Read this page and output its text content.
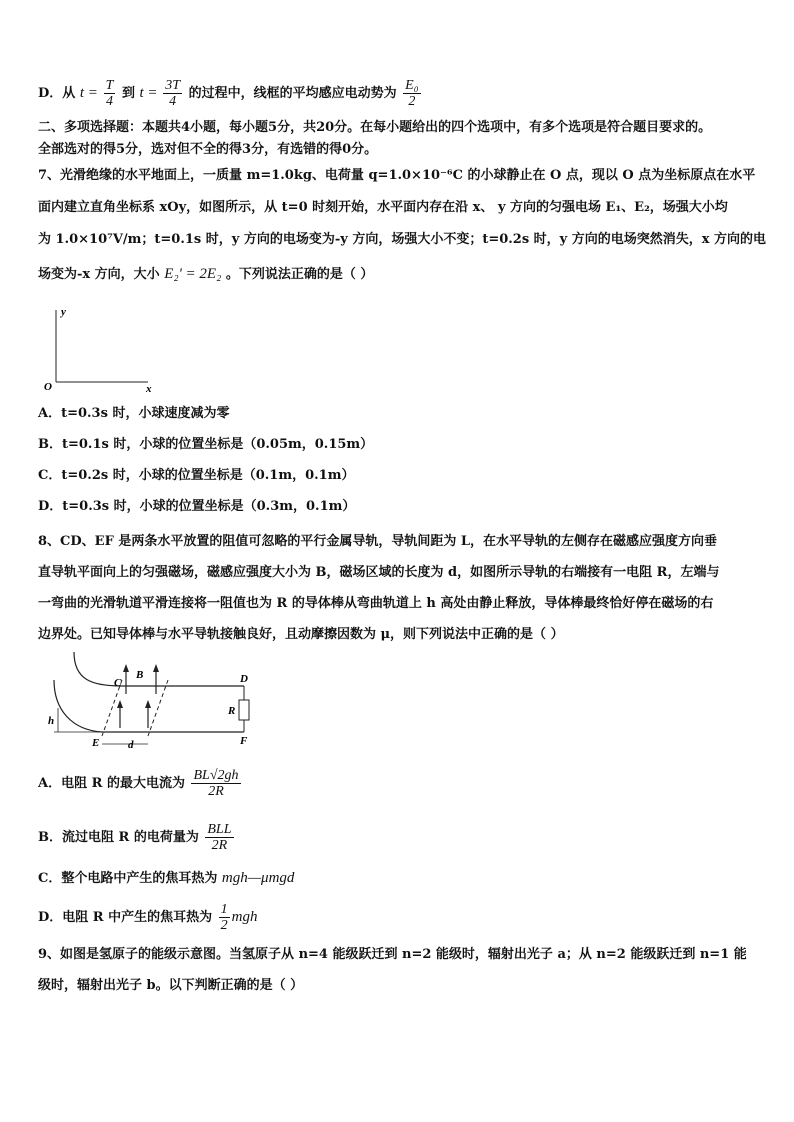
D．从 $t = \frac{T}{4}$ 到 $t = \frac{3T}{4}$ 的过程中，线框的平均感应电动势为 $\frac{\text{E₀}}{2}$
二、多项选择题：本题共4小题，每小题5分，共20分。在每小题给出的四个选项中，有多个选项是符合题目要求的。
全部选对的得5分，选对但不全的得3分，有选错的得0分。
7、光滑绝缘的水平地面上，一质量 m=1.0kg、电荷量 q=1.0×10⁻⁶C 的小球静止在 O 点，现以 O 点为坐标原点在水平
面内建立直角坐标系 xOy，如图所示，从 t=0 时刻开始，水平面内存在沿 x、 y 方向的匀强电场 E₁、E₂，场强大小均
为 1.0×10⁷V/m；t=0.1s 时，y 方向的电场变为-y 方向，场强大小不变；t=0.2s 时，y 方向的电场突然消失，x 方向的电
场变为-x 方向，大小 E₂' = 2E₂ 。下列说法正确的是（ ）
y
O	x
A．t=0.3s 时，小球速度减为零
B．t=0.1s 时，小球的位置坐标是（0.05m，0.15m）
C．t=0.2s 时，小球的位置坐标是（0.1m，0.1m）
D．t=0.3s 时，小球的位置坐标是（0.3m，0.1m）
8、CD、EF 是两条水平放置的阻值可忽略的平行金属导轨，导轨间距为 L，在水平导轨的左侧存在磁感应强度方向垂
直导轨平面向上的匀强磁场，磁感应强度大小为 B，磁场区域的长度为 d，如图所示导轨的右端接有一电阻 R，左端与
一弯曲的光滑轨道平滑连接将一阻值也为 R 的导体棒从弯曲轨道上 h 高处由静止释放，导体棒最终恰好停在磁场的右
边界处。已知导体棒与水平导轨接触良好，且动摩擦因数为 μ，则下列说法中正确的是（ ）
h
C
B	D
R
E	d	F
A．电阻 R 的最大电流为 $\frac{BL√2gh}{2R}$
B．流过电阻 R 的电荷量为 $\frac{\text{BLL}}{2R}$
C．整个电路中产生的焦耳热为 mgh—μmgd
D．电阻 R 中产生的焦耳热为 $\frac{1}{2}$ mgh
9、如图是氢原子的能级示意图。当氢原子从 n=4 能级跃迁到 n=2 能级时，辐射出光子 a；从 n=2 能级跃迁到 n=1 能
级时，辐射出光子 b。以下判断正确的是（ ）
